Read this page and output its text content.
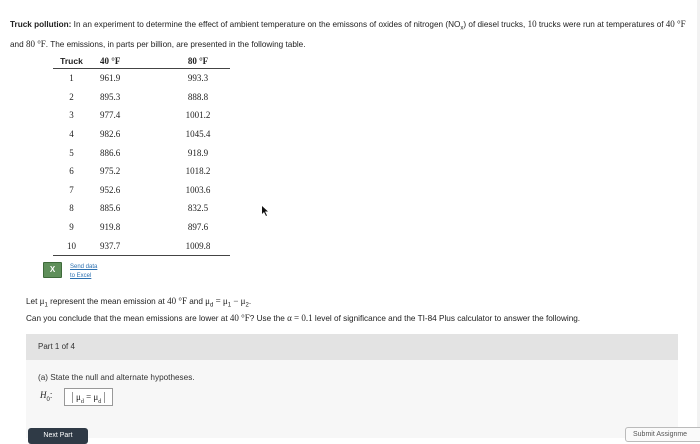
Truck pollution: In an experiment to determine the effect of ambient temperature on the emissons of oxides of nitrogen $(NO_x)$ of diesel trucks, 10 trucks were run at temperatures of 40 °F and 80 °F. The emissions, in parts per billion, are presented in the following table.
Truck	40 °F	80 °F
1	961.9	993.3
2	895.3	888.8
3	977.4	1001.2
4	982.6	1045.4
5	886.6	918.9
6	975.2	1018.2
7	952.6	1003.6
8	885.6	832.5
9	919.8	897.6
10	937.7	1009.8
X	Send data
to Excel
Let $\mu_1$ represent the mean emission at 40 °F and $\mu_d = \mu_1 - \mu_2$.
Can you conclude that the mean emissions are lower at 40 °F? Use the α = 0.1 level of significance and the TI-84 Plus calculator to answer the following.
Part 1 of 4
(a) State the null and alternate hypotheses.
$H_0$:	$\mu_d = \mu_d$
Next Part	Submit Assignme
